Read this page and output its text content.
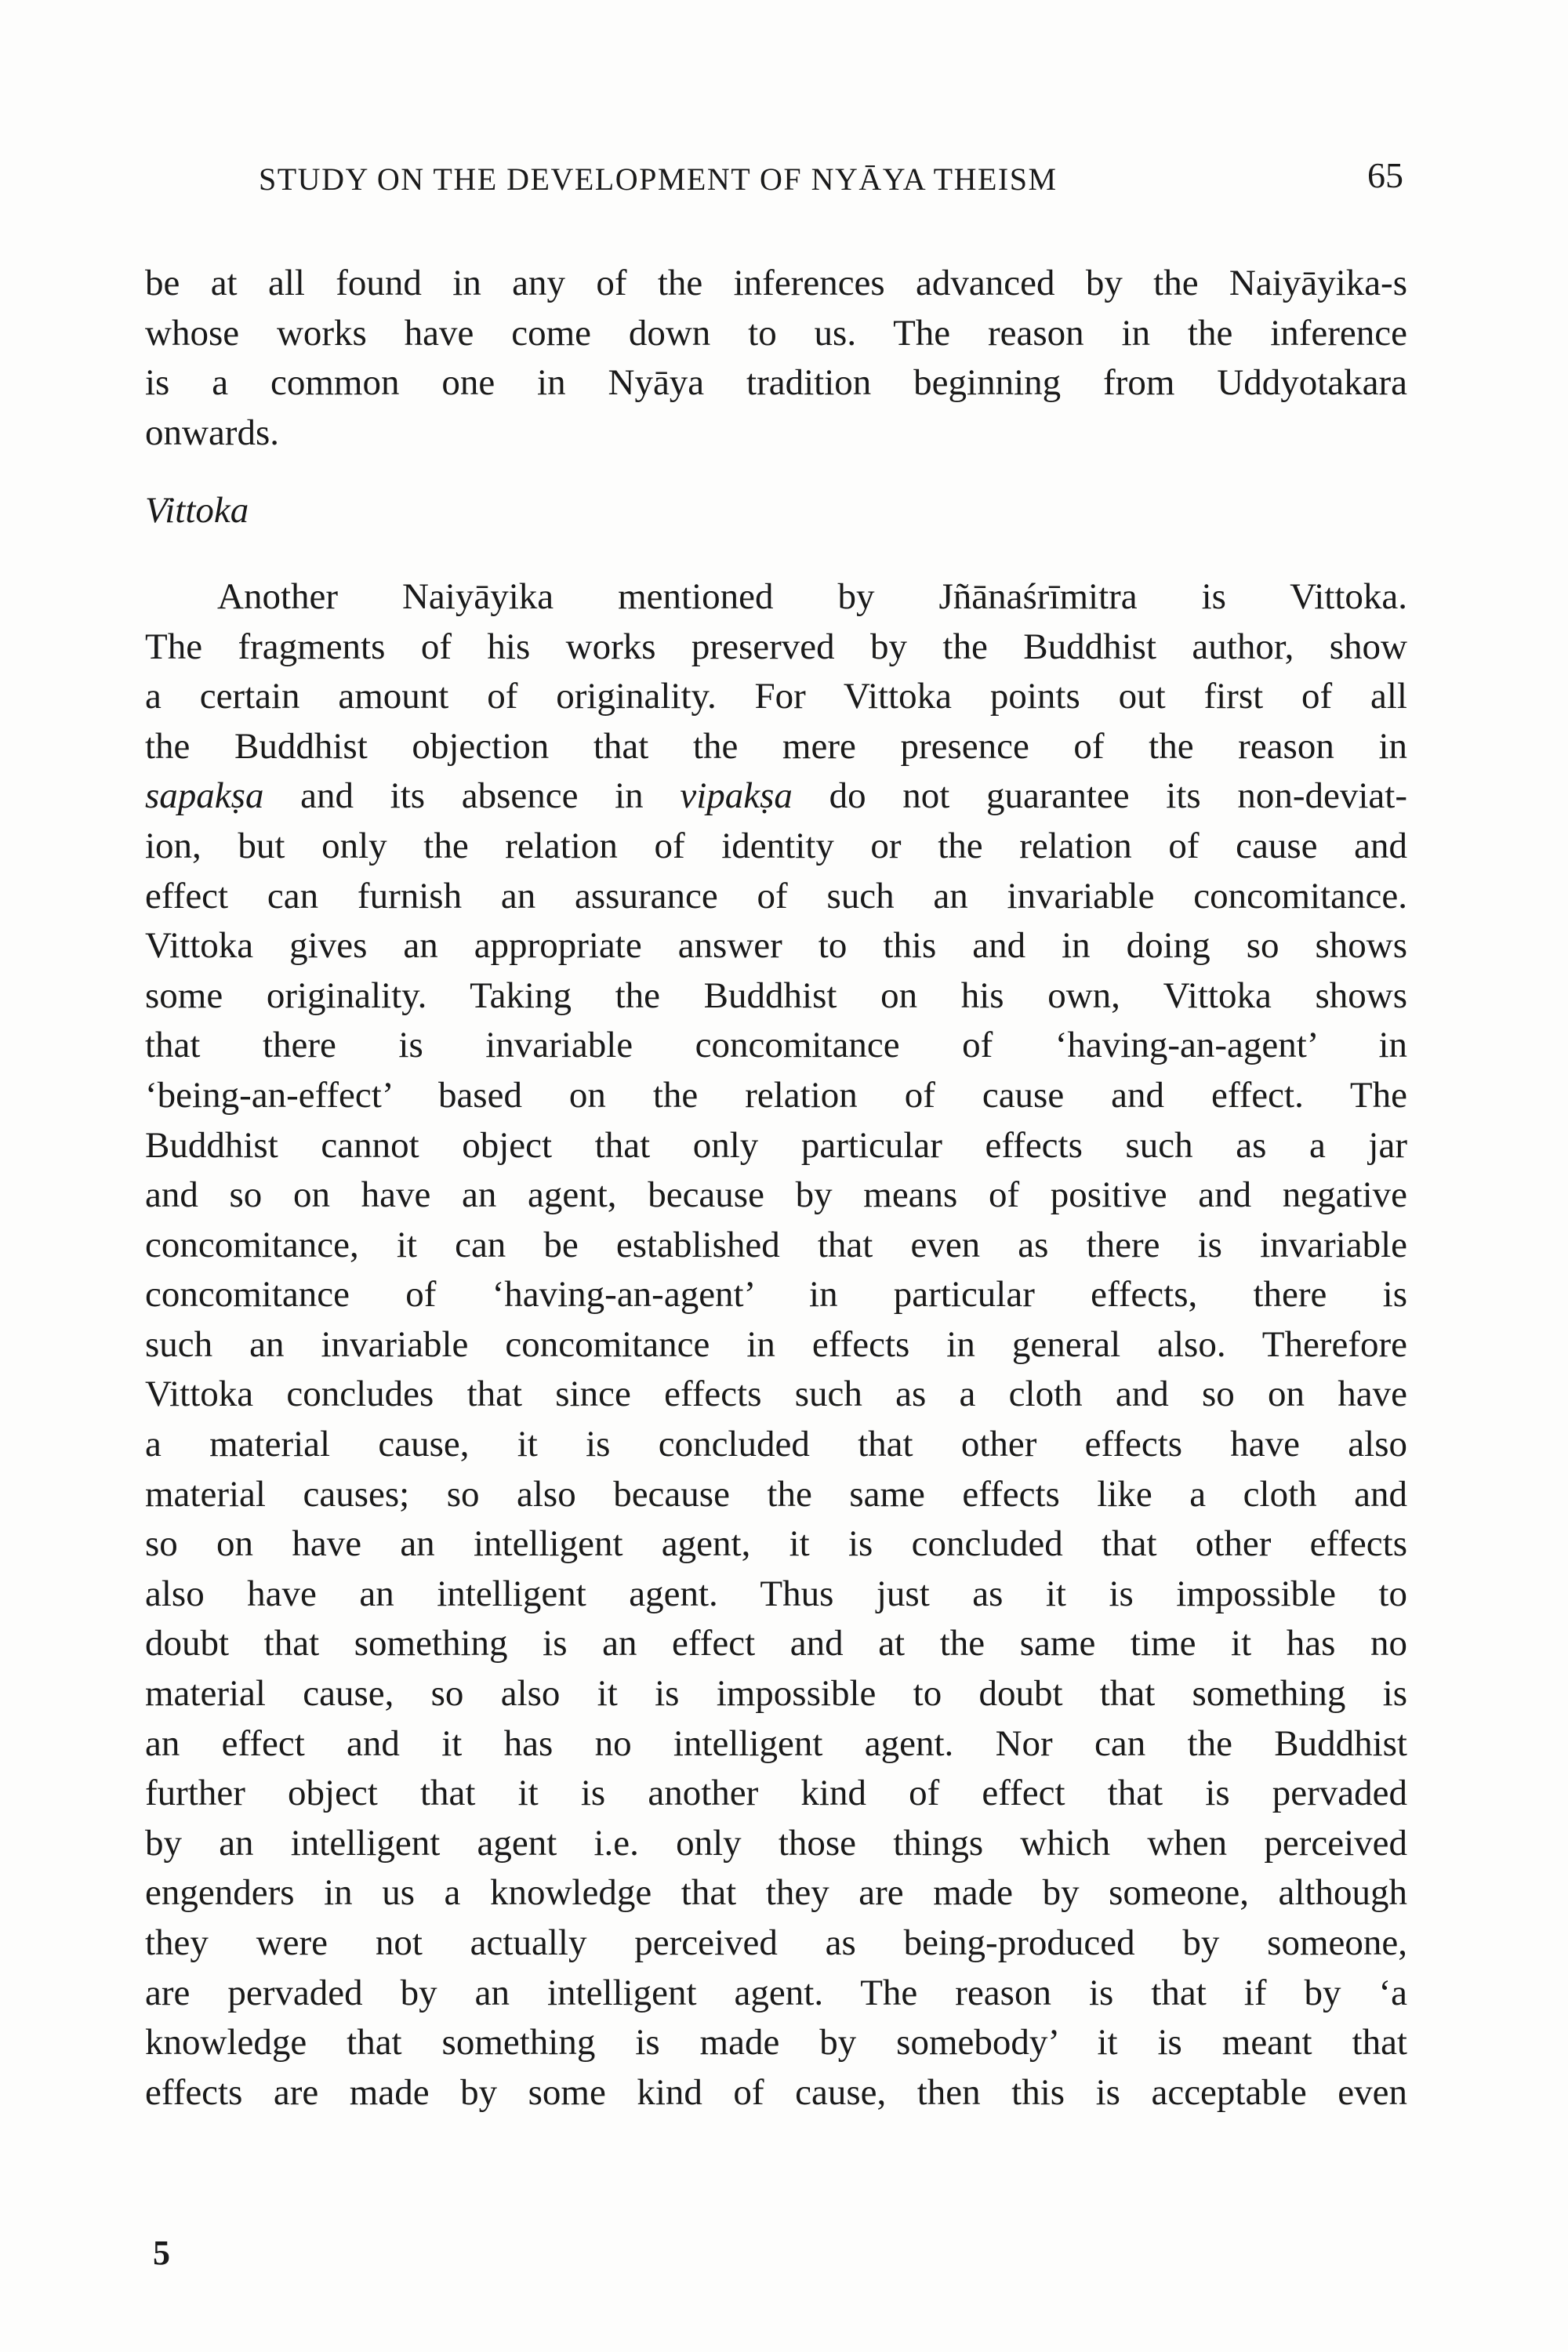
STUDY ON THE DEVELOPMENT OF NYĀYA THEISM	65

be at all found in any of the inferences advanced by the Naiyāyika-s
whose works have come down to us. The reason in the inference
is a common one in Nyāya tradition beginning from Uddyotakara
onwards.

Vittoka

Another Naiyāyika mentioned by Jñānaśrīmitra is Vittoka.
The fragments of his works preserved by the Buddhist author, show
a certain amount of originality. For Vittoka points out first of all
the Buddhist objection that the mere presence of the reason in
sapakṣa and its absence in vipakṣa do not guarantee its non-deviat-
ion, but only the relation of identity or the relation of cause and
effect can furnish an assurance of such an invariable concomitance.
Vittoka gives an appropriate answer to this and in doing so shows
some originality. Taking the Buddhist on his own, Vittoka shows
that there is invariable concomitance of ‘having-an-agent’ in
‘being-an-effect’ based on the relation of cause and effect. The
Buddhist cannot object that only particular effects such as a jar
and so on have an agent, because by means of positive and negative
concomitance, it can be established that even as there is invariable
concomitance of ‘having-an-agent’ in particular effects, there is
such an invariable concomitance in effects in general also. Therefore
Vittoka concludes that since effects such as a cloth and so on have
a material cause, it is concluded that other effects have also
material causes; so also because the same effects like a cloth and
so on have an intelligent agent, it is concluded that other effects
also have an intelligent agent. Thus just as it is impossible to
doubt that something is an effect and at the same time it has no
material cause, so also it is impossible to doubt that something is
an effect and it has no intelligent agent. Nor can the Buddhist
further object that it is another kind of effect that is pervaded
by an intelligent agent i.e. only those things which when perceived
engenders in us a knowledge that they are made by someone, although
they were not actually perceived as being-produced by someone,
are pervaded by an intelligent agent. The reason is that if by ‘a
knowledge that something is made by somebody’ it is meant that
effects are made by some kind of cause, then this is acceptable even

5
